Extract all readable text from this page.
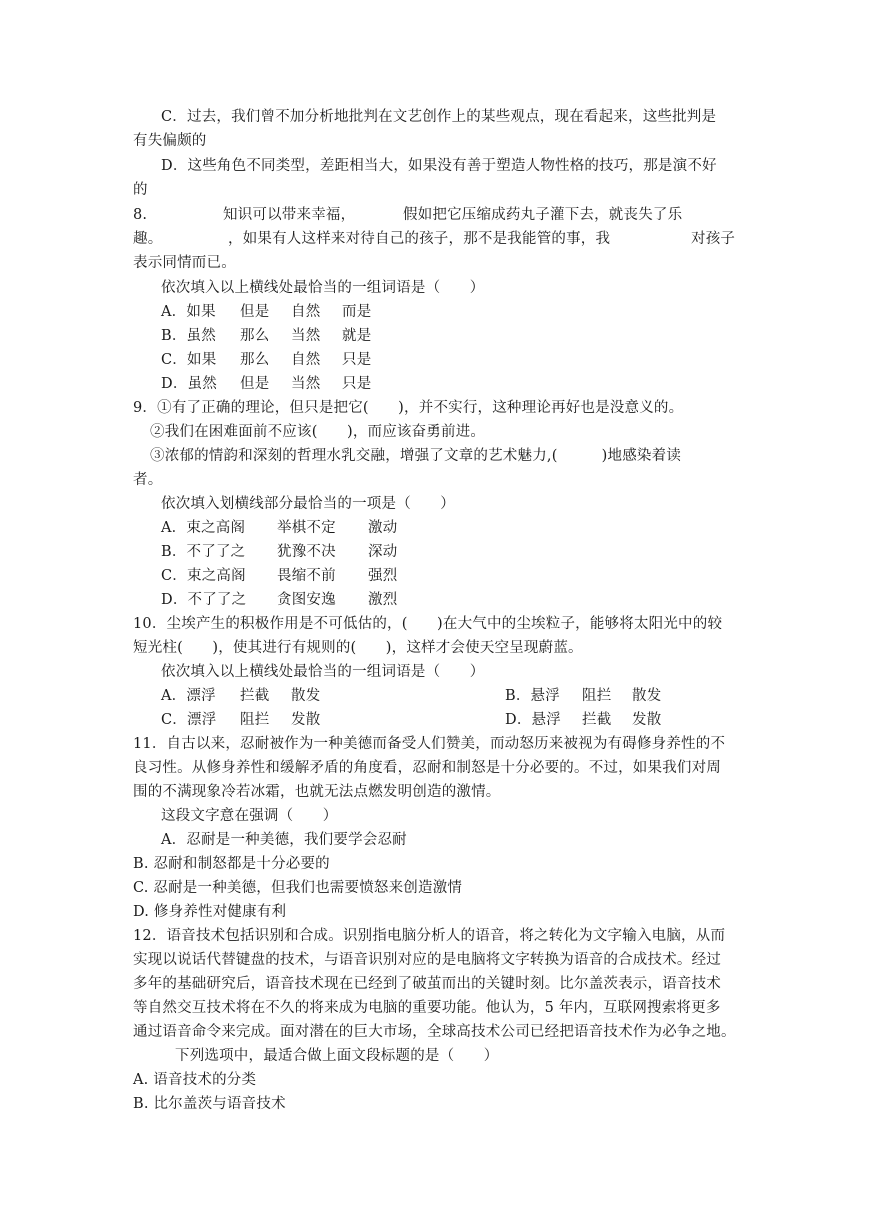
C．过去，我们曾不加分析地批判在文艺创作上的某些观点，现在看起来，这些批判是
有失偏颇的
D．这些角色不同类型，差距相当大，如果没有善于塑造人物性格的技巧，那是演不好
的
8.	知识可以带来幸福，	假如把它压缩成药丸子灌下去，就丧失了乐
趣。	，如果有人这样来对待自己的孩子，那不是我能管的事，我	对孩子
表示同情而已。
依次填入以上横线处最恰当的一组词语是（　　）
A．如果 但是 自然 而是
B．虽然 那么 当然 就是
C．如果 那么 自然 只是
D．虽然 但是 当然 只是
9．①有了正确的理论，但只是把它(　　)，并不实行，这种理论再好也是没意义的。
②我们在困难面前不应该(　　)，而应该奋勇前进。
③浓郁的情韵和深刻的哲理水乳交融，增强了文章的艺术魅力,(　　　)地感染着读
者。
依次填入划横线部分最恰当的一项是（　　）
A．束之高阁 举棋不定 激动
B．不了了之 犹豫不决 深动
C．束之高阁 畏缩不前 强烈
D．不了了之 贪图安逸 激烈
10．尘埃产生的积极作用是不可低估的，(　　)在大气中的尘埃粒子，能够将太阳光中的较
短光柱(　　)，使其进行有规则的(　　)，这样才会使天空呈现蔚蓝。
依次填入以上横线处最恰当的一组词语是（　　）
A．漂浮 拦截 散发	B．悬浮 阻拦 散发
C．漂浮 阻拦 发散	D．悬浮 拦截 发散
11．自古以来，忍耐被作为一种美德而备受人们赞美，而动怒历来被视为有碍修身养性的不
良习性。从修身养性和缓解矛盾的角度看，忍耐和制怒是十分必要的。不过，如果我们对周
围的不满现象冷若冰霜，也就无法点燃发明创造的激情。
这段文字意在强调（　　）
A．忍耐是一种美德，我们要学会忍耐
B. 忍耐和制怒都是十分必要的
C. 忍耐是一种美德，但我们也需要愤怒来创造激情
D. 修身养性对健康有利
12．语音技术包括识别和合成。识别指电脑分析人的语音，将之转化为文字输入电脑，从而
实现以说话代替键盘的技术，与语音识别对应的是电脑将文字转换为语音的合成技术。经过
多年的基础研究后，语音技术现在已经到了破茧而出的关键时刻。比尔盖茨表示，语音技术
等自然交互技术将在不久的将来成为电脑的重要功能。他认为，5 年内，互联网搜索将更多
通过语音命令来完成。面对潜在的巨大市场，全球高技术公司已经把语音技术作为必争之地。
下列选项中，最适合做上面文段标题的是（　　）
A. 语音技术的分类
B. 比尔盖茨与语音技术
